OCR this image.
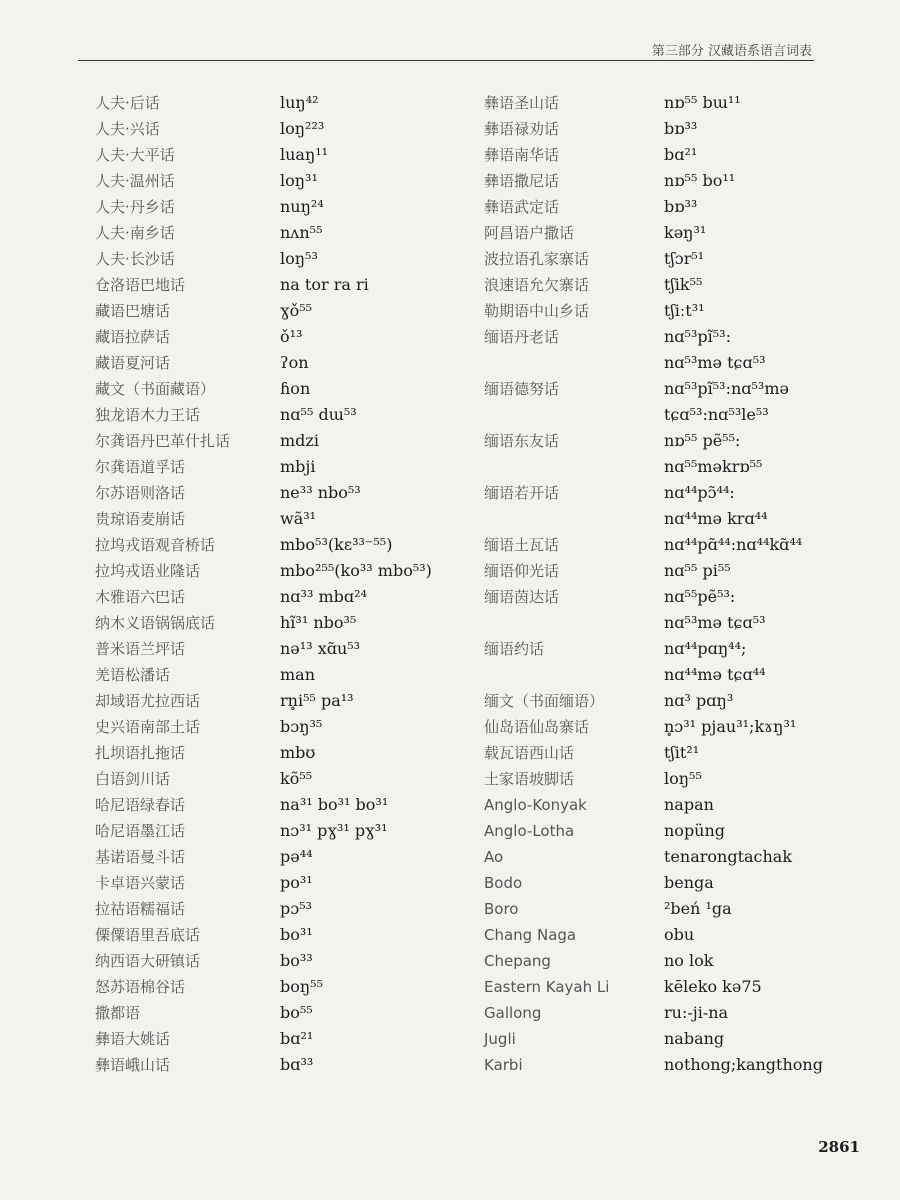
第三部分 汉藏语系语言词表
人夫·后话
人夫·兴话
人夫·大平话
人夫·温州话
人夫·丹乡话
人夫·南乡话
人夫·长沙话
仓洛语巴地话
藏语巴塘话
藏语拉萨话
藏语夏河话
藏文（书面藏语）
独龙语木力王话
尔龚语丹巴革什扎话
尔龚语道孚话
尔苏语则洛话
贵琼语麦崩话
拉坞戎语观音桥话
拉坞戎语业隆话
木雅语六巴话
纳木义语锅锅底话
普米语兰坪话
羌语松潘话
却域语尤拉西话
史兴语南部土话
扎坝语扎拖话
白语剑川话
哈尼语绿春话
哈尼语墨江话
基诺语曼斗话
卡卓语兴蒙话
拉祜语糯福话
傈僳语里吾底话
纳西语大研镇话
怒苏语棉谷话
撒都语
彝语大姚话
彝语峨山话
luŋ⁴²
loŋ²²³
luaŋ¹¹
loŋ³¹
nuŋ²⁴
nʌn⁵⁵
loŋ⁵³
na tor ra ri
ɣǒ⁵⁵
ǒ¹³
ʔon
ɦon
nɑ⁵⁵ dɯ⁵³
mdzi
mbji
ne³³ nbo⁵³
wã³¹
mbo⁵³(kɛ³³⁻⁵⁵)
mbo²⁵⁵(ko³³ mbo⁵³)
nɑ³³ mbɑ²⁴
hĩ³¹ nbo³⁵
nə¹³ xɑ̃u⁵³
man
rn̥i⁵⁵ pa¹³
bɔŋ³⁵
mbʊ
kõ⁵⁵
na³¹ bo³¹ bo³¹
nɔ³¹ pɣ³¹ pɣ³¹
pə⁴⁴
po³¹
pɔ⁵³
bo³¹
bo³³
boŋ⁵⁵
bo⁵⁵
bɑ²¹
bɑ³³
彝语圣山话
彝语禄劝话
彝语南华话
彝语撒尼话
彝语武定话
阿昌语户撒话
波拉语孔家寨话
浪速语允欠寨话
勒期语中山乡话
缅语丹老话
缅语德努话
缅语东友话
缅语若开话
缅语土瓦话
缅语仰光话
缅语茵达话
缅语约话
缅文（书面缅语）
仙岛语仙岛寨话
载瓦语西山话
土家语坡脚话
Anglo-Konyak
Anglo-Lotha
Ao
Bodo
Boro
Chang Naga
Chepang
Eastern Kayah Li
Gallong
Jugli
Karbi
nɒ⁵⁵ bɯ¹¹
bɒ³³
bɑ²¹
nɒ⁵⁵ bo¹¹
bɒ³³
kəŋ³¹
tʃɔr⁵¹
tʃik⁵⁵
tʃiːt³¹
nɑ⁵³pĩ⁵³:
nɑ⁵³mə tɕɑ⁵³
nɑ⁵³pĩ⁵³:nɑ⁵³mə
tɕɑ⁵³:nɑ⁵³le⁵³
nɒ⁵⁵ pẽ⁵⁵:
nɑ⁵⁵məkrɒ⁵⁵
nɑ⁴⁴pɔ̃⁴⁴:
nɑ⁴⁴mə krɑ⁴⁴
nɑ⁴⁴pɑ̃⁴⁴:nɑ⁴⁴kɑ̃⁴⁴
nɑ⁵⁵ pi⁵⁵
nɑ⁵⁵pẽ⁵³:
nɑ⁵³mə tɕɑ⁵³
nɑ⁴⁴pɑŋ⁴⁴;
nɑ⁴⁴mə tɕɑ⁴⁴
nɑ³ pɑŋ³
n̥ɔ³¹ pjau³¹;kɤŋ³¹
tʃit²¹
loŋ⁵⁵
napan
nopüng
tenarongtachak
benga
²beń ¹ga
obu
no lok
kēleko kə75
ru:-ji-na
nabang
nothong;kangthong
2861
